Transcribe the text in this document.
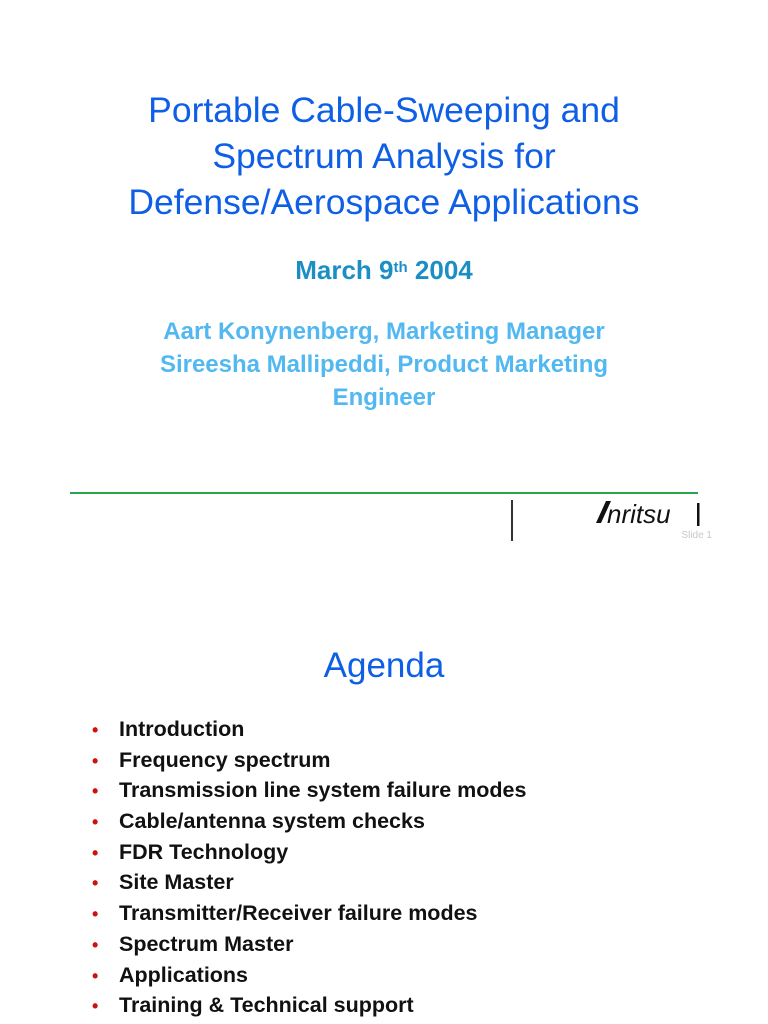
Portable Cable-Sweeping and
Spectrum Analysis for
Defense/Aerospace Applications
March 9th 2004
Aart Konynenberg, Marketing Manager
Sireesha Mallipeddi, Product Marketing
Engineer
nritsu
Slide 1
Agenda
• Introduction
• Frequency spectrum
• Transmission line system failure modes
• Cable/antenna system checks
• FDR Technology
• Site Master
• Transmitter/Receiver failure modes
• Spectrum Master
• Applications
• Training & Technical support
